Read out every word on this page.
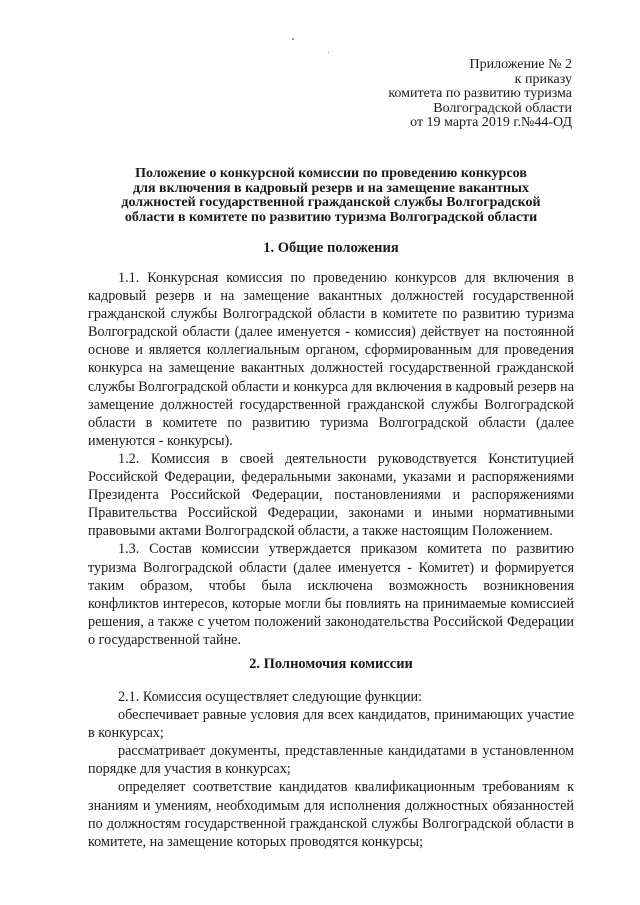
Приложение № 2
к приказу
комитета по развитию туризма
Волгоградской области
от 19 марта 2019 г.№44-ОД
Положение о конкурсной комиссии по проведению конкурсов
для включения в кадровый резерв и на замещение вакантных
должностей государственной гражданской службы Волгоградской
области в комитете по развитию туризма Волгоградской области
1. Общие положения

1.1. Конкурсная комиссия по проведению конкурсов для включения в кадровый резерв и на замещение вакантных должностей государственной гражданской службы Волгоградской области в комитете по развитию туризма Волгоградской области (далее именуется - комиссия) действует на постоянной основе и является коллегиальным органом, сформированным для проведения конкурса на замещение вакантных должностей государственной гражданской службы Волгоградской области и конкурса для включения в кадровый резерв на замещение должностей государственной гражданской службы Волгоградской области в комитете по развитию туризма Волгоградской области (далее именуются - конкурсы).

1.2. Комиссия в своей деятельности руководствуется Конституцией Российской Федерации, федеральными законами, указами и распоряжениями Президента Российской Федерации, постановлениями и распоряжениями Правительства Российской Федерации, законами и иными нормативными правовыми актами Волгоградской области, а также настоящим Положением.

1.3. Состав комиссии утверждается приказом комитета по развитию туризма Волгоградской области (далее именуется - Комитет) и формируется таким образом, чтобы была исключена возможность возникновения конфликтов интересов, которые могли бы повлиять на принимаемые комиссией решения, а также с учетом положений законодательства Российской Федерации о государственной тайне.

2. Полномочия комиссии

2.1. Комиссия осуществляет следующие функции:

обеспечивает равные условия для всех кандидатов, принимающих участие в конкурсах;

рассматривает документы, представленные кандидатами в установленном порядке для участия в конкурсах;

определяет соответствие кандидатов квалификационным требованиям к знаниям и умениям, необходимым для исполнения должностных обязанностей по должностям государственной гражданской службы Волгоградской области в комитете, на замещение которых проводятся конкурсы;
